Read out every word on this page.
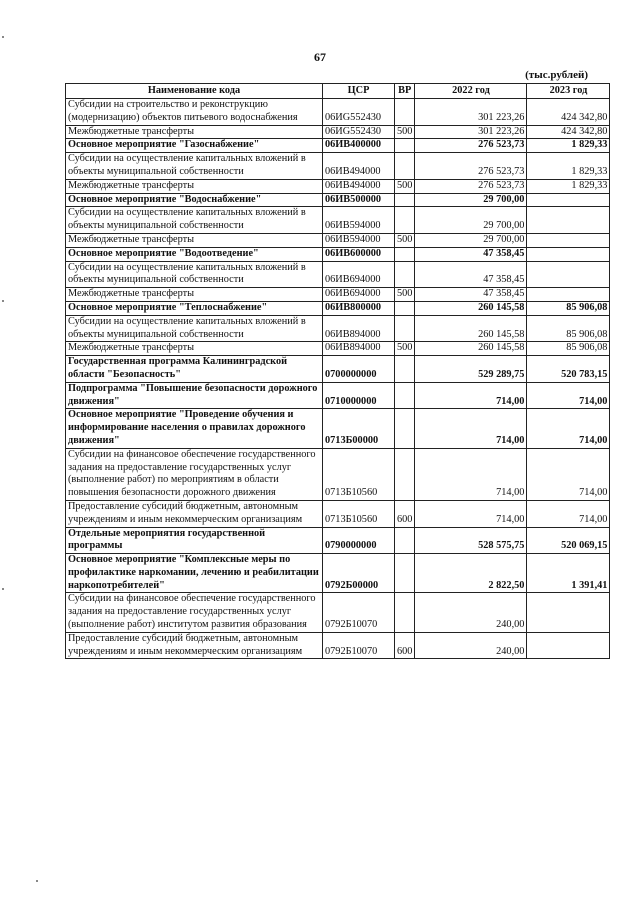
67
(тыс.рублей)
Наименование кода	ЦСР	ВР	2022 год	2023 год
Субсидии на строительство и реконструкцию (модернизацию) объектов питьевого водоснабжения	06ИG552430		301 223,26	424 342,80
Межбюджетные трансферты	06ИG552430	500	301 223,26	424 342,80
Основное мероприятие "Газоснабжение"	06ИВ400000		276 523,73	1 829,33
Субсидии на осуществление капитальных вложений в объекты муниципальной собственности	06ИВ494000		276 523,73	1 829,33
Межбюджетные трансферты	06ИВ494000	500	276 523,73	1 829,33
Основное мероприятие "Водоснабжение"	06ИВ500000		29 700,00	
Субсидии на осуществление капитальных вложений в объекты муниципальной собственности	06ИВ594000		29 700,00	
Межбюджетные трансферты	06ИВ594000	500	29 700,00	
Основное мероприятие "Водоотведение"	06ИВ600000		47 358,45	
Субсидии на осуществление капитальных вложений в объекты муниципальной собственности	06ИВ694000		47 358,45	
Межбюджетные трансферты	06ИВ694000	500	47 358,45	
Основное мероприятие "Теплоснабжение"	06ИВ800000		260 145,58	85 906,08
Субсидии на осуществление капитальных вложений в объекты муниципальной собственности	06ИВ894000		260 145,58	85 906,08
Межбюджетные трансферты	06ИВ894000	500	260 145,58	85 906,08
Государственная программа Калининградской области "Безопасность"	0700000000		529 289,75	520 783,15
Подпрограмма "Повышение безопасности дорожного движения"	0710000000		714,00	714,00
Основное мероприятие "Проведение обучения и информирование населения о правилах дорожного движения"	0713Б00000		714,00	714,00
Субсидии на финансовое обеспечение государственного задания на предоставление государственных услуг (выполнение работ) по мероприятиям в области повышения безопасности дорожного движения	0713Б10560		714,00	714,00
Предоставление субсидий бюджетным, автономным учреждениям и иным некоммерческим организациям	0713Б10560	600	714,00	714,00
Отдельные мероприятия государственной программы	0790000000		528 575,75	520 069,15
Основное мероприятие "Комплексные меры по профилактике наркомании, лечению и реабилитации наркопотребителей"	0792Б00000		2 822,50	1 391,41
Субсидии на финансовое обеспечение государственного задания на предоставление государственных услуг (выполнение работ) институтом развития образования	0792Б10070		240,00	
Предоставление субсидий бюджетным, автономным учреждениям и иным некоммерческим организациям	0792Б10070	600	240,00	
